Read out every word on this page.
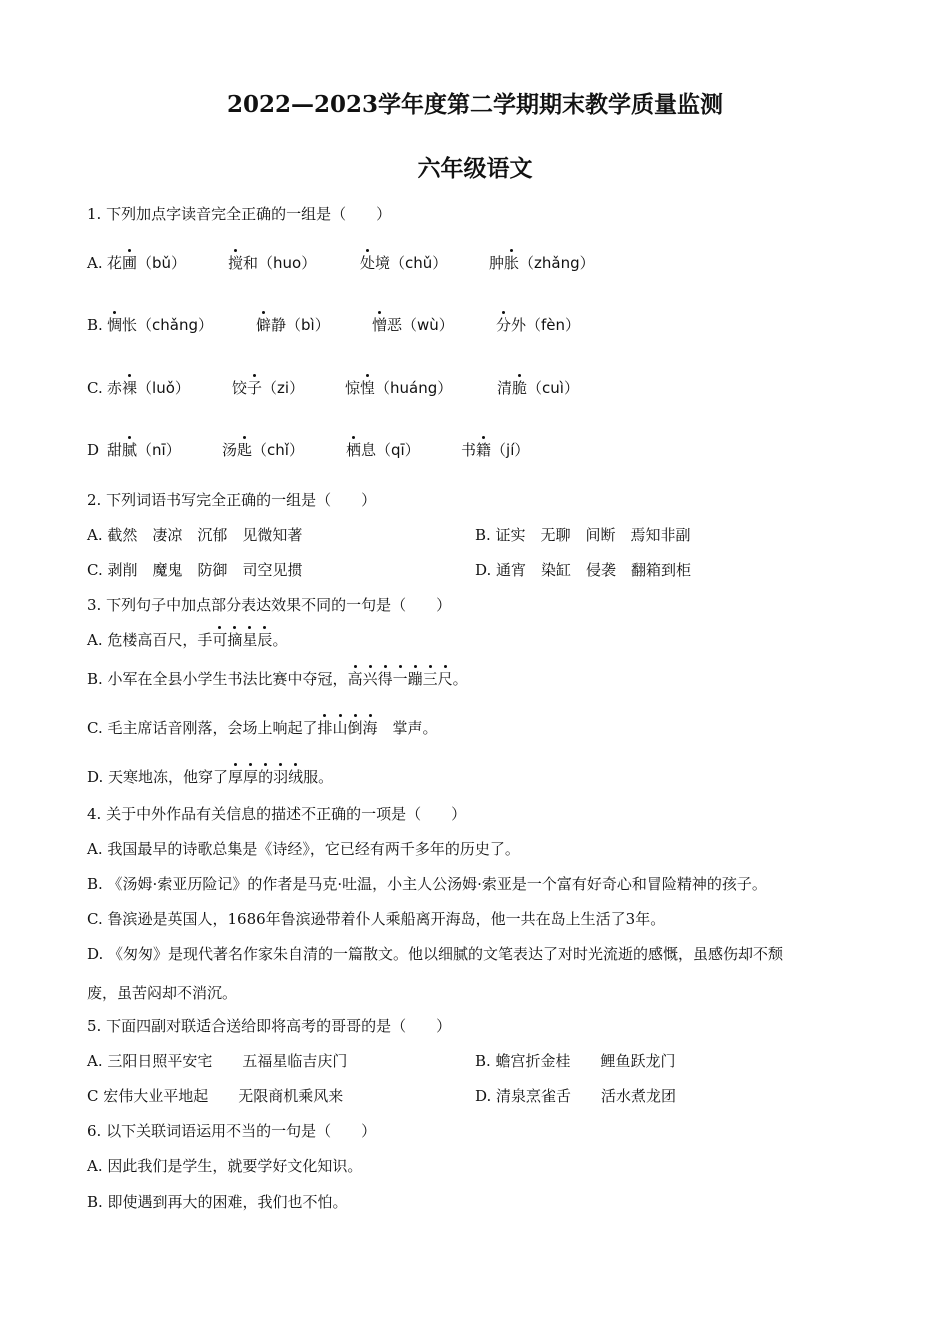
2022—2023学年度第二学期期末教学质量监测
六年级语文
1. 下列加点字读音完全正确的一组是（　　）
A. 花圃（bǔ）	搅和（huo）	处境（chǔ）	肿胀（zhǎng）
B. 惆怅（chǎng）	僻静（bì）	憎恶（wù）	分外（fèn）
C. 赤裸（luǒ）	饺子（zi）	惊惶（huáng）	清脆（cuì）
D 甜腻（nī）	汤匙（chǐ）	栖息（qī）	书籍（jí）
2. 下列词语书写完全正确的一组是（　　）
A. 截然　凄凉　沉郁　见微知著	B. 证实　无聊　间断　焉知非副
C. 剥削　魔鬼　防御　司空见掼	D. 通宵　染缸　侵袭　翻箱到柜
3. 下列句子中加点部分表达效果不同的一句是（　　）
A. 危楼高百尺，手可摘星辰。
B. 小军在全县小学生书法比赛中夺冠，高兴得一蹦三尺。
C. 毛主席话音刚落，会场上响起了排山倒海　掌声。
D. 天寒地冻，他穿了厚厚的羽绒服。
4. 关于中外作品有关信息的描述不正确的一项是（　　）
A. 我国最早的诗歌总集是《诗经》，它已经有两千多年的历史了。
B. 《汤姆·索亚历险记》的作者是马克·吐温，小主人公汤姆·索亚是一个富有好奇心和冒险精神的孩子。
C. 鲁滨逊是英国人，1686年鲁滨逊带着仆人乘船离开海岛，他一共在岛上生活了3年。
D. 《匆匆》是现代著名作家朱自清的一篇散文。他以细腻的文笔表达了对时光流逝的感慨，虽感伤却不颓
废，虽苦闷却不消沉。
5. 下面四副对联适合送给即将高考的哥哥的是（　　）
A. 三阳日照平安宅　　五福星临吉庆门	B. 蟾宫折金桂　　鲤鱼跃龙门
C 宏伟大业平地起　　无限商机乘风来	D. 清泉烹雀舌　　活水煮龙团
6. 以下关联词语运用不当的一句是（　　）
A. 因此我们是学生，就要学好文化知识。
B. 即使遇到再大的困难，我们也不怕。
